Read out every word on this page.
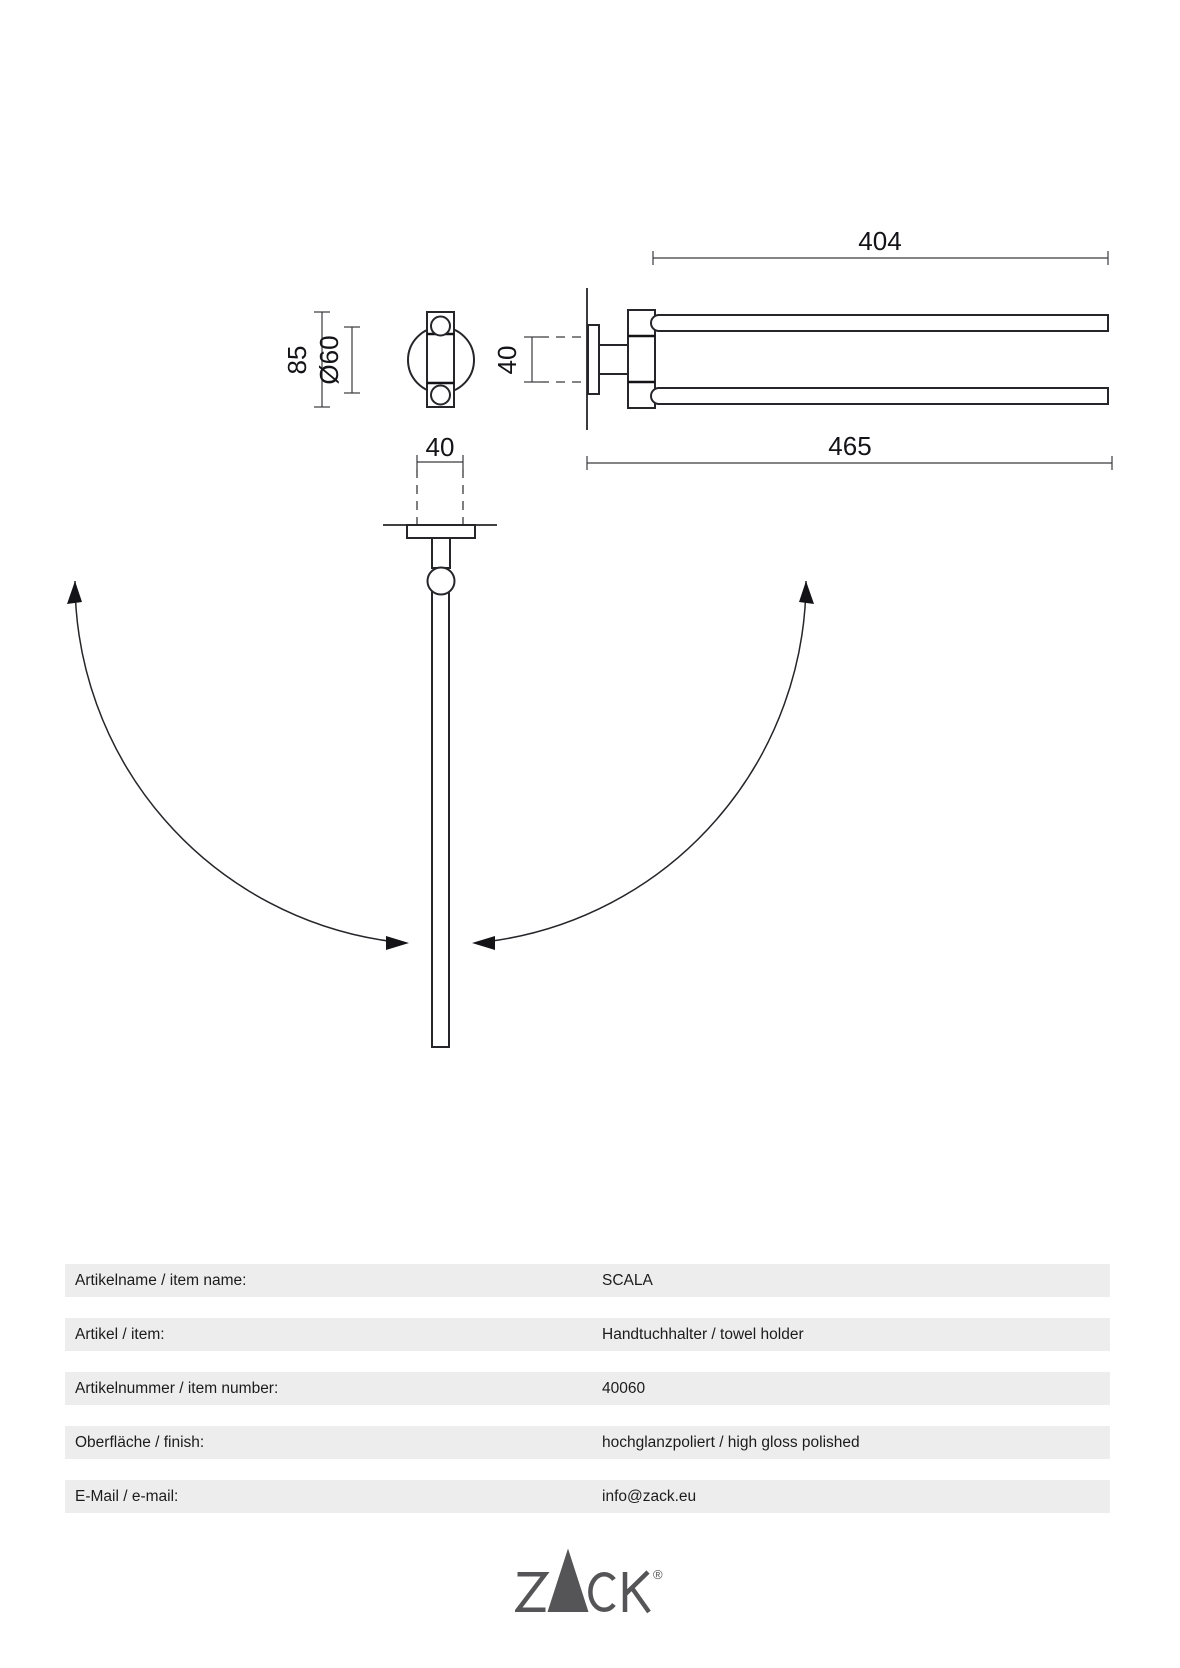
85 Ø60	40
404
465
40
Artikelname / item name:	SCALA
Artikel / item:	Handtuchhalter / towel holder
Artikelnummer / item number:	40060
Oberfläche / finish:	hochglanzpoliert / high gloss polished
E-Mail / e-mail:	info@zack.eu
®
